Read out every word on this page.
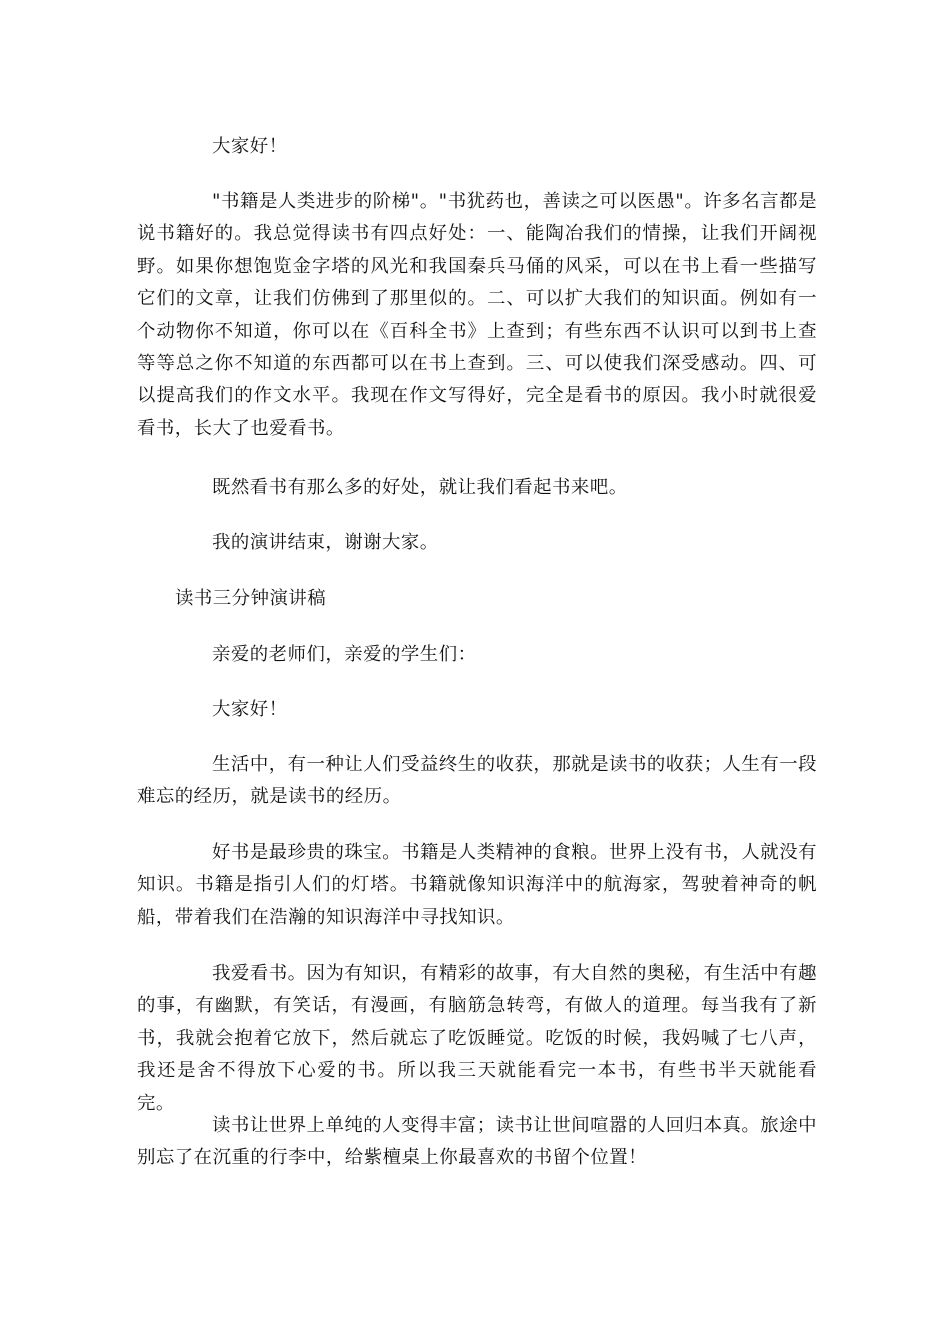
大家好！

"书籍是人类进步的阶梯"。"书犹药也，善读之可以医愚"。许多名言都是说书籍好的。我总觉得读书有四点好处：一、能陶冶我们的情操，让我们开阔视野。如果你想饱览金字塔的风光和我国秦兵马俑的风采，可以在书上看一些描写它们的文章，让我们仿佛到了那里似的。二、可以扩大我们的知识面。例如有一个动物你不知道，你可以在《百科全书》上查到；有些东西不认识可以到书上查等等总之你不知道的东西都可以在书上查到。三、可以使我们深受感动。四、可以提高我们的作文水平。我现在作文写得好，完全是看书的原因。我小时就很爱看书，长大了也爱看书。

既然看书有那么多的好处，就让我们看起书来吧。

我的演讲结束，谢谢大家。

读书三分钟演讲稿

亲爱的老师们，亲爱的学生们：

大家好！

生活中，有一种让人们受益终生的收获，那就是读书的收获；人生有一段难忘的经历，就是读书的经历。

好书是最珍贵的珠宝。书籍是人类精神的食粮。世界上没有书，人就没有知识。书籍是指引人们的灯塔。书籍就像知识海洋中的航海家，驾驶着神奇的帆船，带着我们在浩瀚的知识海洋中寻找知识。

我爱看书。因为有知识，有精彩的故事，有大自然的奥秘，有生活中有趣的事，有幽默，有笑话，有漫画，有脑筋急转弯，有做人的道理。每当我有了新书，我就会抱着它放下，然后就忘了吃饭睡觉。吃饭的时候，我妈喊了七八声，我还是舍不得放下心爱的书。所以我三天就能看完一本书，有些书半天就能看完。

读书让世界上单纯的人变得丰富；读书让世间喧嚣的人回归本真。旅途中别忘了在沉重的行李中，给紫檀桌上你最喜欢的书留个位置！
